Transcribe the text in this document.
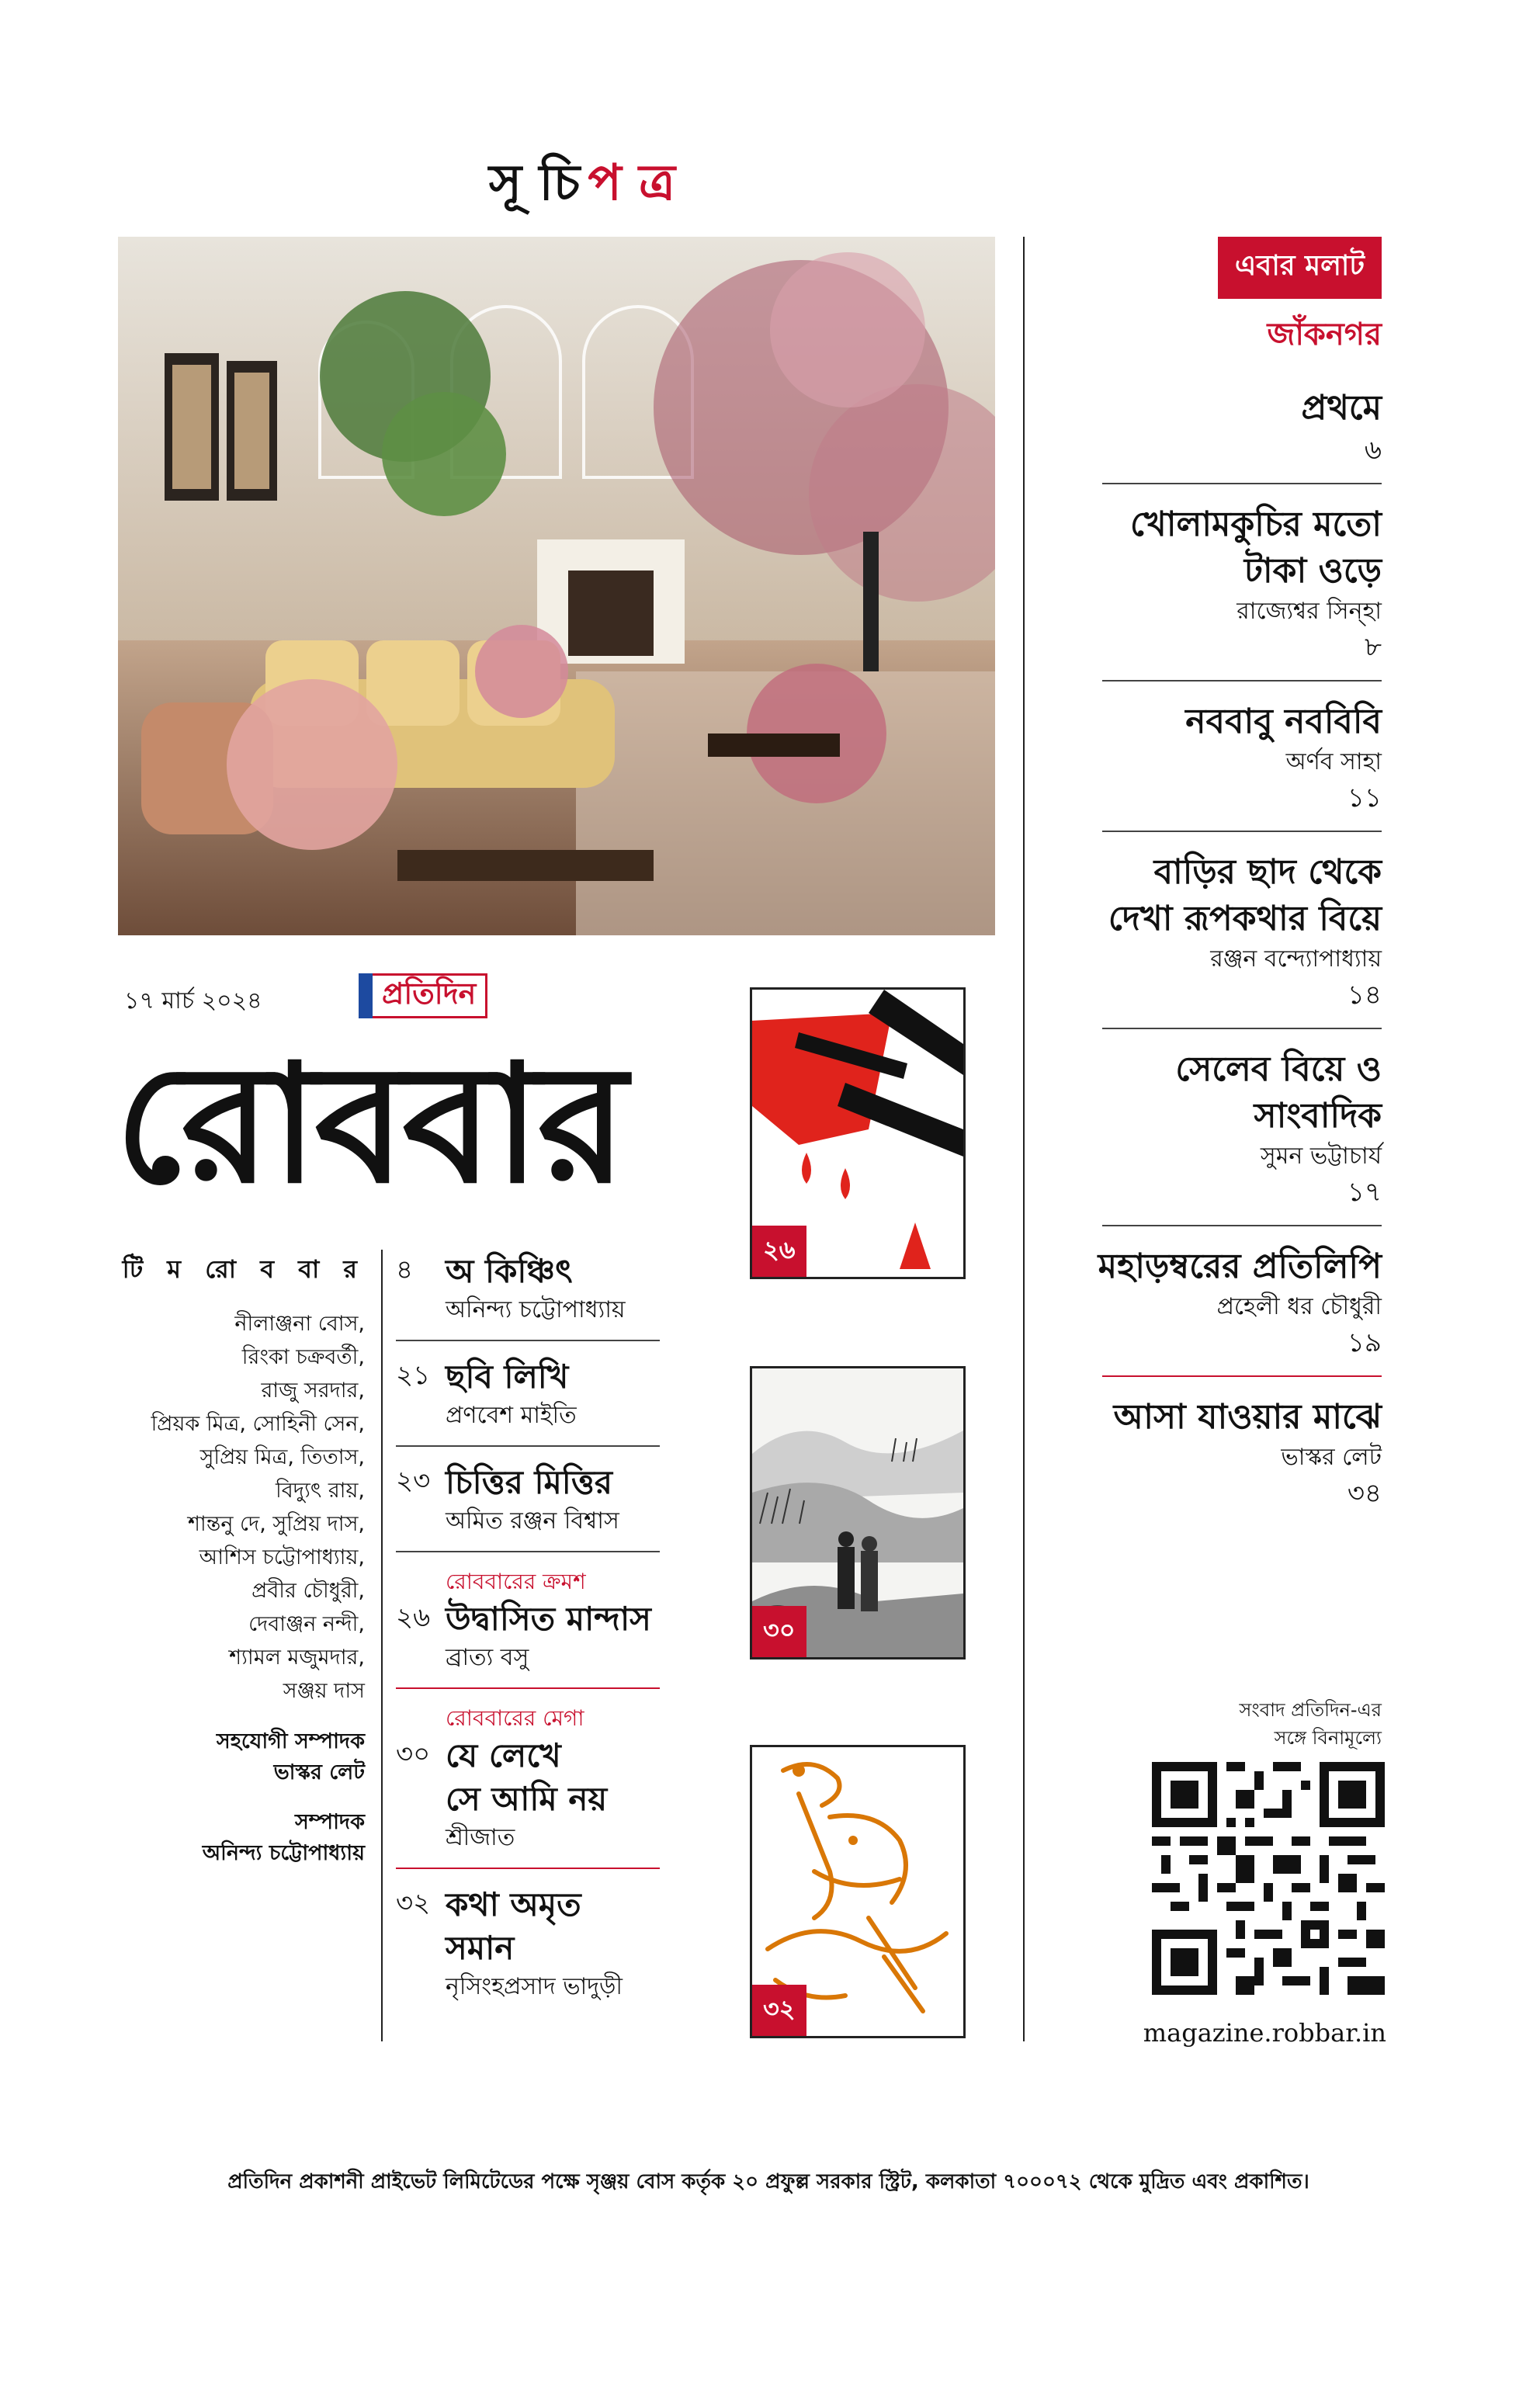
সূ চি প ত্র
এবার মলাট
জাঁকনগর

প্রথমে

৬

খোলামকুচির মতো

টাকা ওড়ে

রাজ্যেশ্বর সিন্‌হা

৮

নববাবু নববিবি

অর্ণব সাহা

১১

বাড়ির ছাদ থেকে

দেখা রূপকথার বিয়ে

রঞ্জন বন্দ্যোপাধ্যায়

১৪

সেলেব বিয়ে ও

সাংবাদিক

সুমন ভট্টাচার্য

১৭

মহাড়ম্বরের প্রতিলিপি

প্রহেলী ধর চৌধুরী

১৯

আসা যাওয়ার মাঝে

ভাস্কর লেট

৩৪

১৭ মার্চ ২০২৪	প্রতিদিন
রোববার
টি ম রো ব বা র
নীলাঞ্জনা বোস,
রিংকা চক্রবর্তী,
রাজু সরদার,
প্রিয়ক মিত্র, সোহিনী সেন,
সুপ্রিয় মিত্র, তিতাস,
বিদ্যুৎ রায়,
শান্তনু দে, সুপ্রিয় দাস,
আশিস চট্টোপাধ্যায়,
প্রবীর চৌধুরী,
দেবাঞ্জন নন্দী,
শ্যামল মজুমদার,
সঞ্জয় দাস
সহযোগী সম্পাদক
ভাস্কর লেট
সম্পাদক
অনিন্দ্য চট্টোপাধ্যায়
৪ অ কিঞ্চিৎ
অনিন্দ্য চট্টোপাধ্যায়
২১ ছবি লিখি
প্রণবেশ মাইতি
২৩ চিত্তির মিত্তির
অমিত রঞ্জন বিশ্বাস
রোববারের ক্রমশ
২৬ উদ্বাসিত মান্দাস
ব্রাত্য বসু
রোববারের মেগা
৩০ যে লেখে
সে আমি নয়
শ্রীজাত
৩২ কথা অমৃত সমান
নৃসিংহপ্রসাদ ভাদুড়ী
২৬
৩০
৩২
সংবাদ প্রতিদিন-এর
সঙ্গে বিনামূল্যে
magazine.robbar.in
প্রতিদিন প্রকাশনী প্রাইভেট লিমিটেডের পক্ষে সৃঞ্জয় বোস কর্তৃক ২০ প্রফুল্ল সরকার স্ট্রিট, কলকাতা ৭০০০৭২ থেকে মুদ্রিত এবং প্রকাশিত।
